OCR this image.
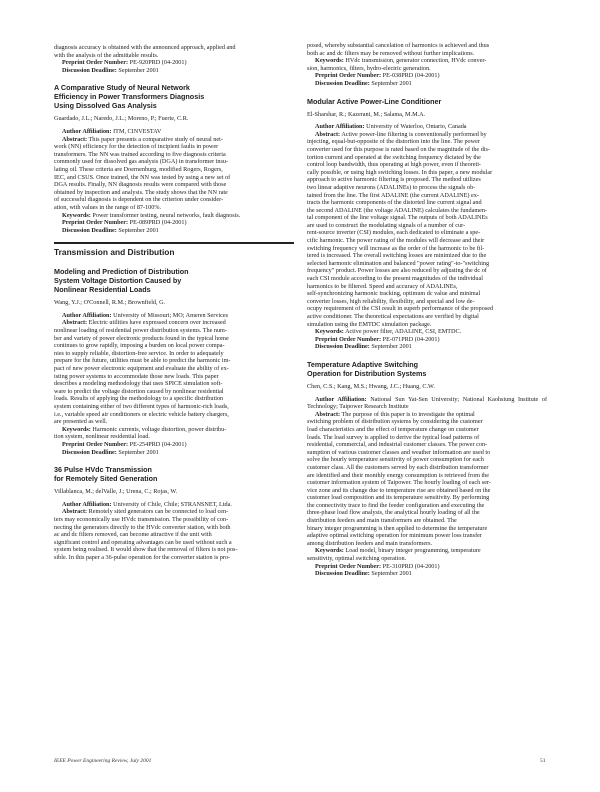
diagnosis accuracy is obtained with the announced approach, applied and

with the analysis of the admittable results.

Preprint Order Number: PE-920PRD (04-2001)

Discussion Deadline: September 2001

A Comparative Study of Neural Network
Efficiency in Power Transformers Diagnosis
Using Dissolved Gas Analysis

Guardado, J.L.; Naredo, J.L.; Moreno, P.; Fuerte, C.R.

Author Affiliation: ITM, CINVESTAV

Abstract: This paper presents a comparative study of neural net-

work (NN) efficiency for the detection of incipient faults in power

transformers. The NN was trained according to five diagnosis criteria

commonly used for dissolved gas analysis (DGA) in transformer insu-

lating oil. These criteria are Doernenburg, modified Rogers, Rogers,

IEC, and CSUS. Once trained, the NN was tested by using a new set of

DGA results. Finally, NN diagnosis results were compared with those

obtained by inspection and analysis. The study shows that the NN rate

of successful diagnosis is dependent on the criterion under consider-

ation, with values in the range of 87-100%.

Keywords: Power transformer testing, neural networks, fault diagnosis.

Preprint Order Number: PE-089PRD (04-2001)

Discussion Deadline: September 2001

Transmission and Distribution
Modeling and Prediction of Distribution
System Voltage Distortion Caused by
Nonlinear Residential Loads

Wang, Y.J.; O'Connell, R.M.; Brownfield, G.

Author Affiliation: University of Missouri; MO; Ameren Services

Abstract: Electric utilities have expressed concern over increased

nonlinear loading of residential power distribution systems. The num-

ber and variety of power electronic products found in the typical home

continues to grow rapidly, imposing a burden on local power compa-

nies to supply reliable, distortion-free service. In order to adequately

prepare for the future, utilities must be able to predict the harmonic im-

pact of new power electronic equipment and evaluate the ability of ex-

isting power systems to accommodate those new loads. This paper

describes a modeling methodology that uses SPICE simulation soft-

ware to predict the voltage distortion caused by nonlinear residential

loads. Results of applying the methodology to a specific distribution

system containing either of two different types of harmonic-rich loads,

i.e., variable speed air conditioners or electric vehicle battery chargers,

are presented as well.

Keywords: Harmonic currents, voltage distortion, power distribu-

tion system, nonlinear residential load.

Preprint Order Number: PE-254PRD (04-2001)

Discussion Deadline: September 2001

36 Pulse HVdc Transmission
for Remotely Sited Generation

Villablanca, M.; delValle, J.; Urena, C.; Rojas, W.

Author Affiliation: University of Chile, Chile; STRANSNET, Ltda.

Abstract: Remotely sited generators can be connected to load cen-

ters may economically use HVdc transmission. The possibility of con-

necting the generators directly to the HVdc converter station, with both

ac and dc filters removed, can become attractive if the unit with

significant control and operating advantages can be used without such a

system being realised. It would show that the removal of filters is not pos-

sible. In this paper a 36-pulse operation for the converter station is pro-

posed, whereby substantial cancelation of harmonics is achieved and thus

both ac and dc filters may be removed without further implications.

Keywords: HVdc transmission, generator connection, HVdc conver-

sion, harmonics, filters, hydro-electric generation.

Preprint Order Number: PE-038PRD (04-2001)

Discussion Deadline: September 2001

Modular Active Power-Line Conditioner

El-Sharshar, R.; Kazerani, M.; Salama, M.M.A.

Author Affiliation: University of Waterloo, Ontario, Canada

Abstract: Active power-line filtering is conventionally performed by

injecting, equal-but-opposite of the distortion into the line. The power

converter used for this purpose is rated based on the magnitude of the dis-

tortion current and operated at the switching frequency dictated by the

control loop bandwidth, thus operating at high power, even if theoreti-

cally possible, or using high switching losses. In this paper, a new modular

approach to active harmonic filtering is proposed. The method utilizes

two linear adaptive neurons (ADALINEs) to process the signals ob-

tained from the line. The first ADALINE (the current ADALINE) ex-

tracts the harmonic components of the distorted line current signal and

the second ADALINE (the voltage ADALINE) calculates the fundamen-

tal component of the line voltage signal. The outputs of both ADALINEs

are used to construct the modulating signals of a number of cur-

rent-source inverter (CSI) modules, each dedicated to eliminate a spe-

cific harmonic. The power rating of the modules will decrease and their

switching frequency will increase as the order of the harmonic to be fil-

tered is increased. The overall switching losses are minimized due to the

selected harmonic elimination and balanced "power rating"-to-"switching

frequency" product. Power losses are also reduced by adjusting the dc of

each CSI module according to the present magnitudes of the individual

harmonics to be filtered. Speed and accuracy of ADALINEs,

self-synchronizing harmonic tracking, optimum dc value and minimal

converter losses, high reliability, flexibility, and special and low de-

ocupy requirement of the CSI result in superb performance of the proposed

active conditioner. The theoretical expectations are verified by digital

simulation using the EMTDC simulation package.

Keywords: Active power filter, ADALINE, CSI, EMTDC.

Preprint Order Number: PE-071PRD (04-2001)

Discussion Deadline: September 2001

Temperature Adaptive Switching
Operation for Distribution Systems

Chen, C.S.; Kang, M.S.; Hwang, J.C.; Huang, C.W.

Author Affiliation: National Sun Yat-Sen University; National Kaohsiung Institute of Technology; Taipower Research Institute

Abstract: The purpose of this paper is to investigate the optimal

switching problem of distribution systems by considering the customer

load characteristics and the effect of temperature change on customer

loads. The load survey is applied to derive the typical load patterns of

residential, commercial, and industrial customer classes. The power con-

sumption of various customer classes and weather information are used to

solve the hourly temperature sensitivity of power consumption for each

customer class. All the customers served by each distribution transformer

are identified and their monthly energy consumption is retrieved from the

customer information system of Taipower. The hourly loading of each ser-

vice zone and its change due to temperature rise are obtained based on the

customer load composition and its temperature sensitivity. By performing

the connectivity trace to find the feeder configuration and executing the

three-phase load flow analysis, the analytical hourly loading of all the

distribution feeders and main transformers are obtained. The

binary integer programming is then applied to determine the temperature

adaptive optimal switching operation for minimum power loss transfer

among distribution feeders and main transformers.

Keywords: Load model, binary integer programming, temperature

sensitivity, optimal switching operation.

Preprint Order Number: PE-310PRD (04-2001)

Discussion Deadline: September 2001

IEEE Power Engineering Review, July 2001	51
